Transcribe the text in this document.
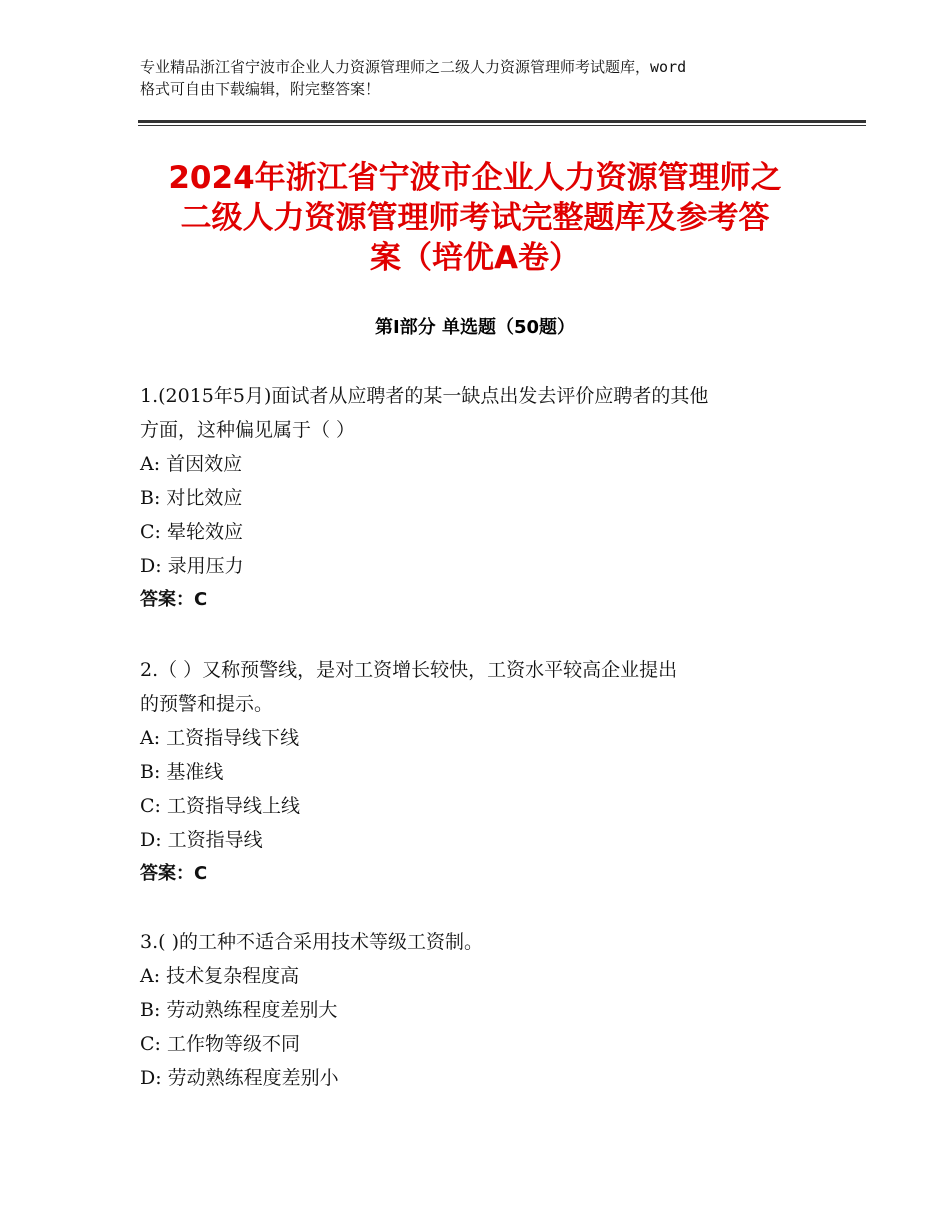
专业精品浙江省宁波市企业人力资源管理师之二级人力资源管理师考试题库，word
格式可自由下载编辑，附完整答案！
2024年浙江省宁波市企业人力资源管理师之
二级人力资源管理师考试完整题库及参考答
案（培优A卷）
第Ⅰ部分 单选题（50题）
1.(2015年5月)面试者从应聘者的某一缺点出发去评价应聘者的其他
方面，这种偏见属于（ ）
A: 首因效应
B: 对比效应
C: 晕轮效应
D: 录用压力
答案：C
2.（ ）又称预警线，是对工资增长较快，工资水平较高企业提出
的预警和提示。
A: 工资指导线下线
B: 基准线
C: 工资指导线上线
D: 工资指导线
答案：C
3.( )的工种不适合采用技术等级工资制。
A: 技术复杂程度高
B: 劳动熟练程度差别大
C: 工作物等级不同
D: 劳动熟练程度差别小
